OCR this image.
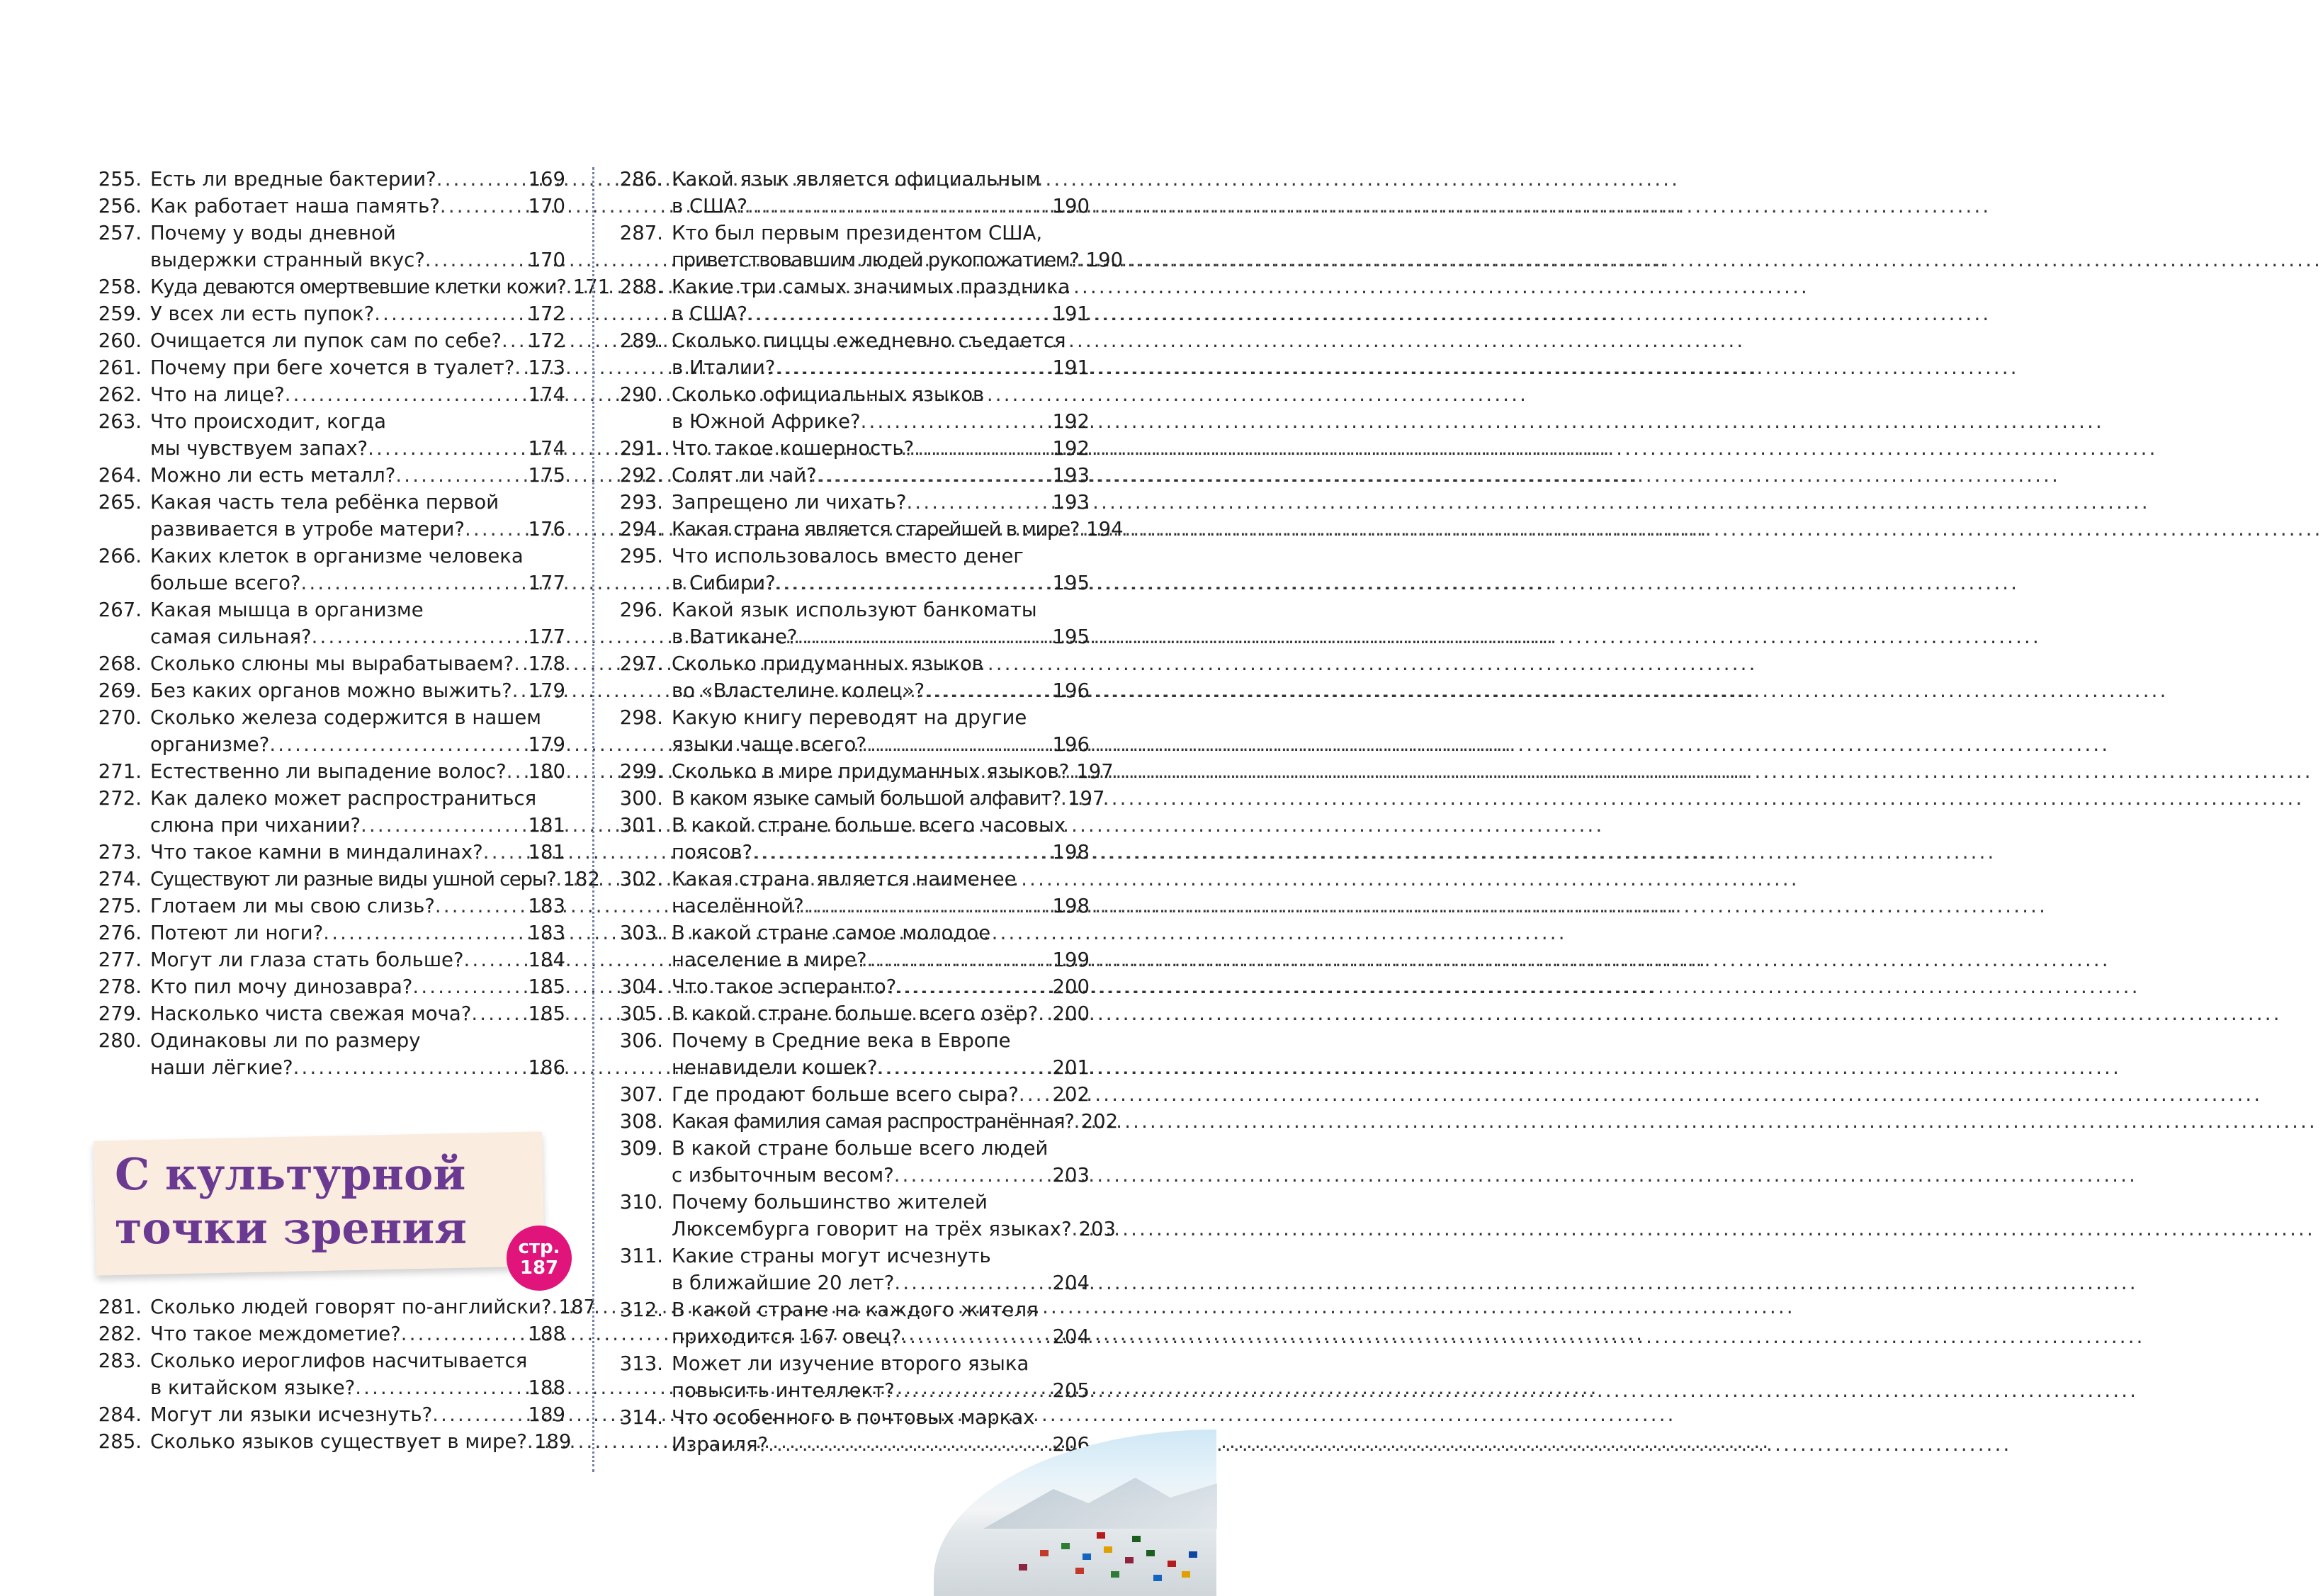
255. Есть ли вредные бактерии? .....	169
256. Как работает наша память? .....	170
257. Почему у воды дневной
выдержки странный вкус? .....	170
258. Куда деваются омертвевшие клетки кожи? ..... 171
259. У всех ли есть пупок? .....	172
260. Очищается ли пупок сам по себе? ..... 172
261. Почему при беге хочется в туалет? ..... 173
262. Что на лице? .....	174
263. Что происходит, когда
мы чувствуем запах? .....	174
264. Можно ли есть металл? .....	175
265. Какая часть тела ребёнка первой
развивается в утробе матери? .....	176
266. Каких клеток в организме человека
больше всего? .....	177
267. Какая мышца в организме
самая сильная? .....	177
268. Сколько слюны мы вырабатываем? ..... 178
269. Без каких органов можно выжить? ..... 179
270. Сколько железа содержится в нашем
организме? .....	179
271. Естественно ли выпадение волос? ..... 180
272. Как далеко может распространиться
слюна при чихании? .....	181
273. Что такое камни в миндалинах? ..... 181
274. Существуют ли разные виды ушной серы? ..... 182
275. Глотаем ли мы свою слизь? .....	183
276. Потеют ли ноги? .....	183
277. Могут ли глаза стать больше? .....	184
278. Кто пил мочу динозавра? .....	185
279. Насколько чиста свежая моча? .....	185
280. Одинаковы ли по размеру
наши лёгкие? .....	186
281. Сколько людей говорят по-английски? ..... 187
282. Что такое междометие? .....	188
283. Сколько иероглифов насчитывается
в китайском языке? .....	188
284. Могут ли языки исчезнуть? .....	189
285. Сколько языков существует в мире? ..... 189
286. Какой язык является официальным
в США? .....	190
287. Кто был первым президентом США,
приветствовавшим людей рукопожатием? ..... 190
288. Какие три самых значимых праздника
в США? .....	191
289. Сколько пиццы ежедневно съедается
в Италии? .....	191
290. Сколько официальных языков
в Южной Африке? .....	192
291. Что такое кошерность? .....	192
292. Солят ли чай? .....	193
293. Запрещено ли чихать? .....	193
294. Какая страна является старейшей в мире? ..... 194
295. Что использовалось вместо денег
в Сибири? .....	195
296. Какой язык используют банкоматы
в Ватикане? .....	195
297. Сколько придуманных языков
во «Властелине колец»? .....	196
298. Какую книгу переводят на другие
языки чаще всего? .....	196
299. Сколько в мире придуманных языков? ..... 197
300. В каком языке самый большой алфавит? ..... 197
301. В какой стране больше всего часовых
поясов? .....	198
302. Какая страна является наименее
населённой? .....	198
303. В какой стране самое молодое
население в мире? .....	199
304. Что такое эсперанто? .....	200
305. В какой стране больше всего озёр? ..... 200
306. Почему в Средние века в Европе
ненавидели кошек? .....	201
307. Где продают больше всего сыра? ..... 202
308. Какая фамилия самая распространённая? ..... 202
309. В какой стране больше всего людей
с избыточным весом? .....	203
310. Почему большинство жителей
Люксембурга говорит на трёх языках? ..... 203
311. Какие страны могут исчезнуть
в ближайшие 20 лет? .....	204
312. В какой стране на каждого жителя
приходится 167 овец? .....	204
313. Может ли изучение второго языка
повысить интеллект? .....	205
314. Что особенного в почтовых марках
Израиля? .....	206
С культурной
точки зрения	стр.
187
